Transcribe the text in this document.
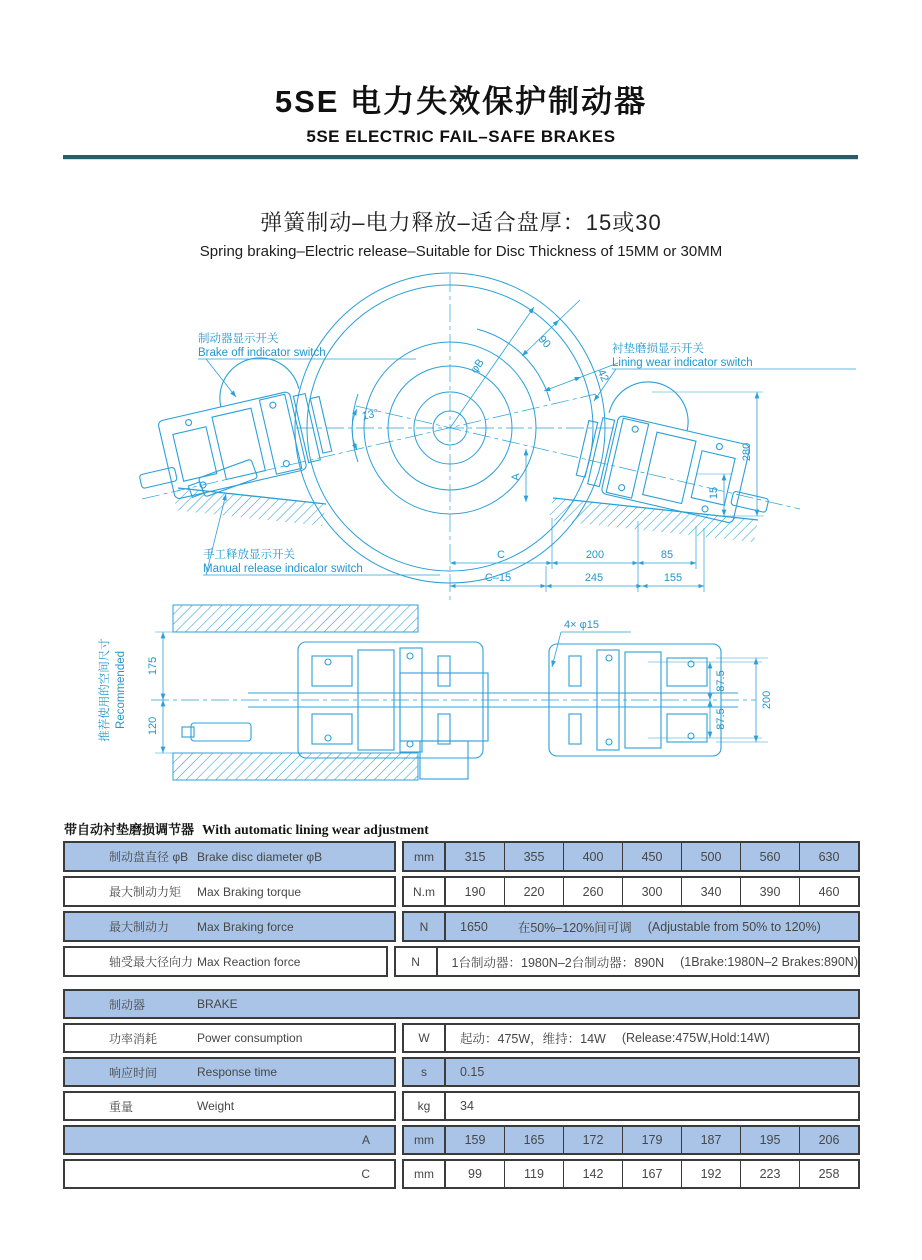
5SE 电力失效保护制动器
5SE ELECTRIC FAIL–SAFE BRAKES
弹簧制动–电力释放–适合盘厚：15或30
Spring braking–Electric release–Suitable for Disc Thickness of 15MM or 30MM
制动器显示开关
Brake off indicator switch	衬垫磨损显示开关
Lining wear indicator switch
手工释放显示开关
Manual release indicalor switch
φB
90
42
13°
A
280
15
C	200	85
C–15	245	155
推荐使用的空间尺寸 Recommended 175
120
4× φ15
87.5
87.5
200
带自动衬垫磨损调节器 With automatic lining wear adjustment
制动盘直径 φB Brake disc diameter φB	mm	315	355	400	450	500	560	630
最大制动力矩	Max Braking torque	N.m	190	220	260	300	340	390	460
最大制动力	Max Braking force	N	1650 在50%–120%间可调 (Adjustable from 50% to 120%)
轴受最大径向力 Max Reaction force	N	1台制动器：1980N–2台制动器：890N (1Brake:1980N–2 Brakes:890N)
制动器	BRAKE
功率消耗	Power consumption	W	起动：475W，维持：14W (Release:475W,Hold:14W)
响应时间	Response time	s	0.15
重量	Weight	kg	34
A	mm	159	165	172	179	187	195	206
C	mm	99	119	142	167	192	223	258
